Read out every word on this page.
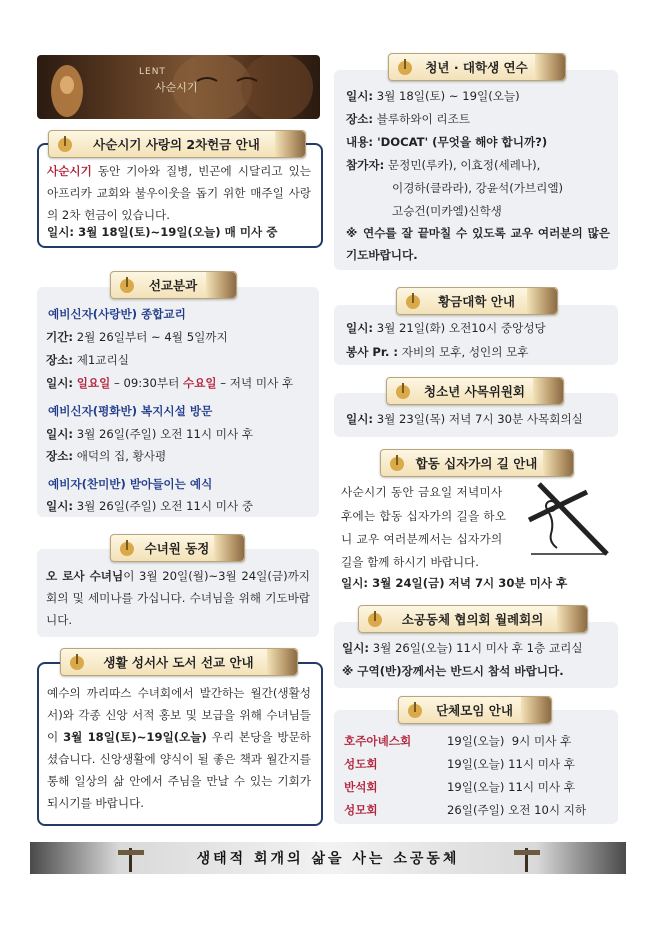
LENT
사순시기
사순시기 사랑의 2차헌금 안내
사순시기 동안 기아와 질병, 빈곤에 시달리고 있는 아프리카 교회와 불우이웃을 돕기 위한 매주일 사랑의 2차 헌금이 있습니다.
일시: 3월 18일(토)~19일(오늘) 매 미사 중
선교분과
예비신자(사랑반) 종합교리
기간: 2월 26일부터 ~ 4월 5일까지
장소: 제1교리실
일시: 일요일 – 09:30부터 수요일 – 저녁 미사 후
예비신자(평화반) 복지시설 방문
일시: 3월 26일(주일) 오전 11시 미사 후
장소: 애덕의 집, 황사평
예비자(찬미반) 받아들이는 예식
일시: 3월 26일(주일) 오전 11시 미사 중
수녀원 동정
오 로사 수녀님이 3월 20일(월)~3월 24일(금)까지 회의 및 세미나를 가십니다. 수녀님을 위해 기도바랍니다.
생활 성서사 도서 선교 안내
예수의 까리따스 수녀회에서 발간하는 월간(생활성서)와 각종 신앙 서적 홍보 및 보급을 위해 수녀님들이 3월 18일(토)~19일(오늘) 우리 본당을 방문하셨습니다. 신앙생활에 양식이 될 좋은 책과 월간지를 통해 일상의 삶 안에서 주님을 만날 수 있는 기회가 되시기를 바랍니다.
청년 · 대학생 연수
일시: 3월 18일(토) ~ 19일(오늘)
장소: 블루하와이 리조트
내용: 'DOCAT' (무엇을 해야 합니까?)
참가자: 문정민(루카), 이효정(세레나),
이경하(클라라), 강윤석(가브리엘)
고승건(미카엘)신학생
※ 연수를 잘 끝마칠 수 있도록 교우 여러분의 많은 기도바랍니다.
황금대학 안내
일시: 3월 21일(화) 오전10시 중앙성당
봉사 Pr. : 자비의 모후, 성인의 모후
청소년 사목위원회
일시: 3월 23일(목) 저녁 7시 30분 사목회의실
합동 십자가의 길 안내
사순시기 동안 금요일 저녁미사
후에는 합동 십자가의 길을 하오
니 교우 여러분께서는 십자가의
길을 함께 하시기 바랍니다.
일시: 3월 24일(금) 저녁 7시 30분 미사 후
소공동체 협의회 월례회의
일시: 3월 26일(오늘) 11시 미사 후 1층 교리실
※ 구역(반)장께서는 반드시 참석 바랍니다.
단체모임 안내
호주아녜스회	19일(오늘)  9시 미사 후
성도회	19일(오늘) 11시 미사 후
반석회	19일(오늘) 11시 미사 후
성모회	26일(주일) 오전 10시 지하
생태적 회개의 삶을 사는 소공동체
